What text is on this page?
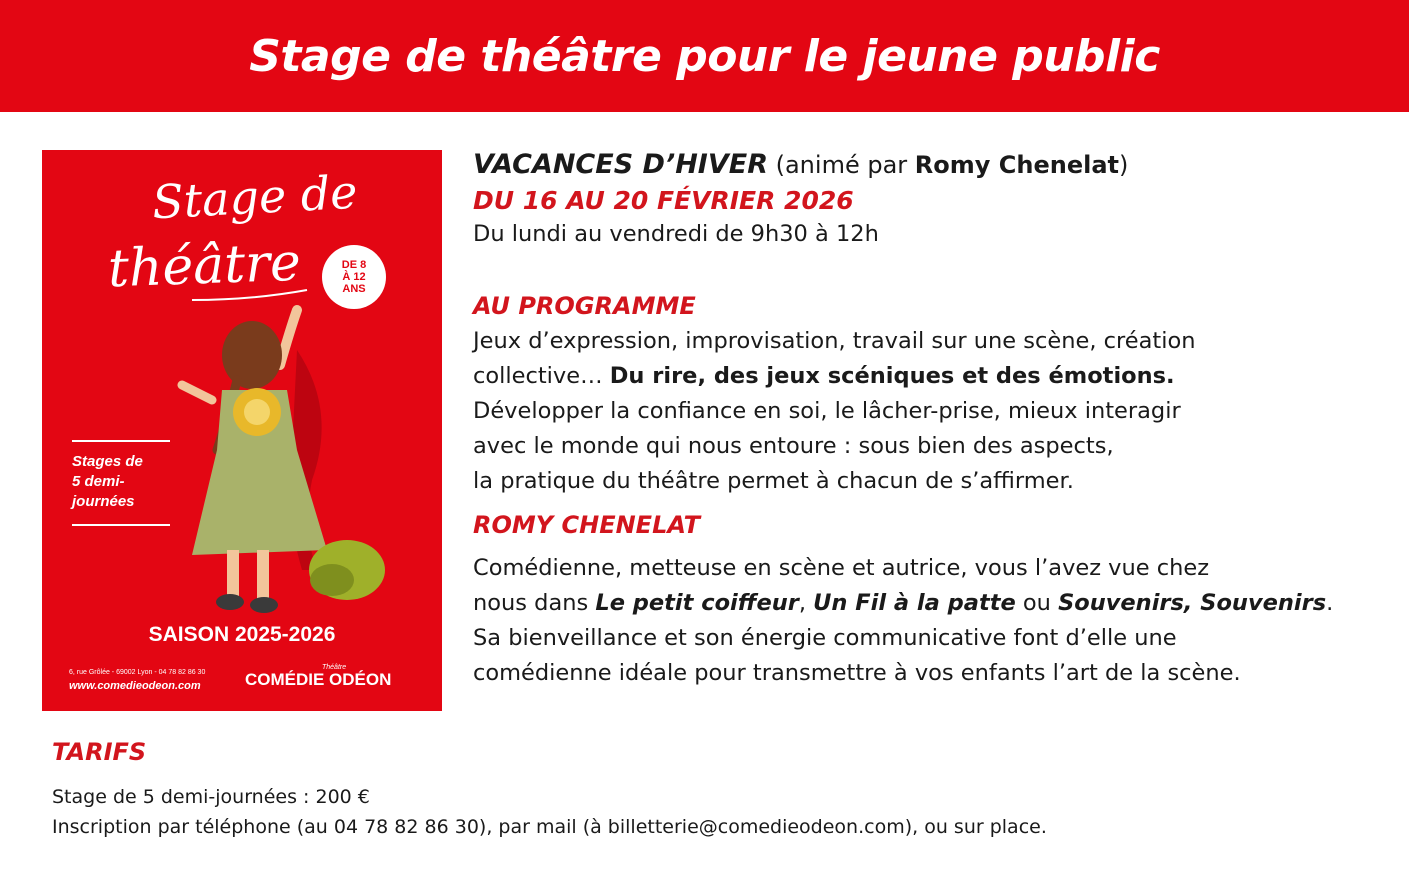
Stage de théâtre pour le jeune public
Stage de
théâtre	DE 8
À 12
ANS
Stages de
5 demi-
journées
SAISON 2025-2026
6, rue Grôlée - 69002 Lyon - 04 78 82 86 30
www.comedieodeon.com
Théâtre
COMÉDIE ODÉON
VACANCES D’HIVER (animé par Romy Chenelat)
DU 16 AU 20 FÉVRIER 2026
Du lundi au vendredi de 9h30 à 12h
AU PROGRAMME
Jeux d’expression, improvisation, travail sur une scène, création
collective… Du rire, des jeux scéniques et des émotions.
Développer la confiance en soi, le lâcher-prise, mieux interagir
avec le monde qui nous entoure : sous bien des aspects,
la pratique du théâtre permet à chacun de s’affirmer.
ROMY CHENELAT
Comédienne, metteuse en scène et autrice, vous l’avez vue chez
nous dans Le petit coiffeur, Un Fil à la patte ou Souvenirs, Souvenirs.
Sa bienveillance et son énergie communicative font d’elle une
comédienne idéale pour transmettre à vos enfants l’art de la scène.
TARIFS
Stage de 5 demi-journées : 200 €
Inscription par téléphone (au 04 78 82 86 30), par mail (à billetterie@comedieodeon.com), ou sur place.
